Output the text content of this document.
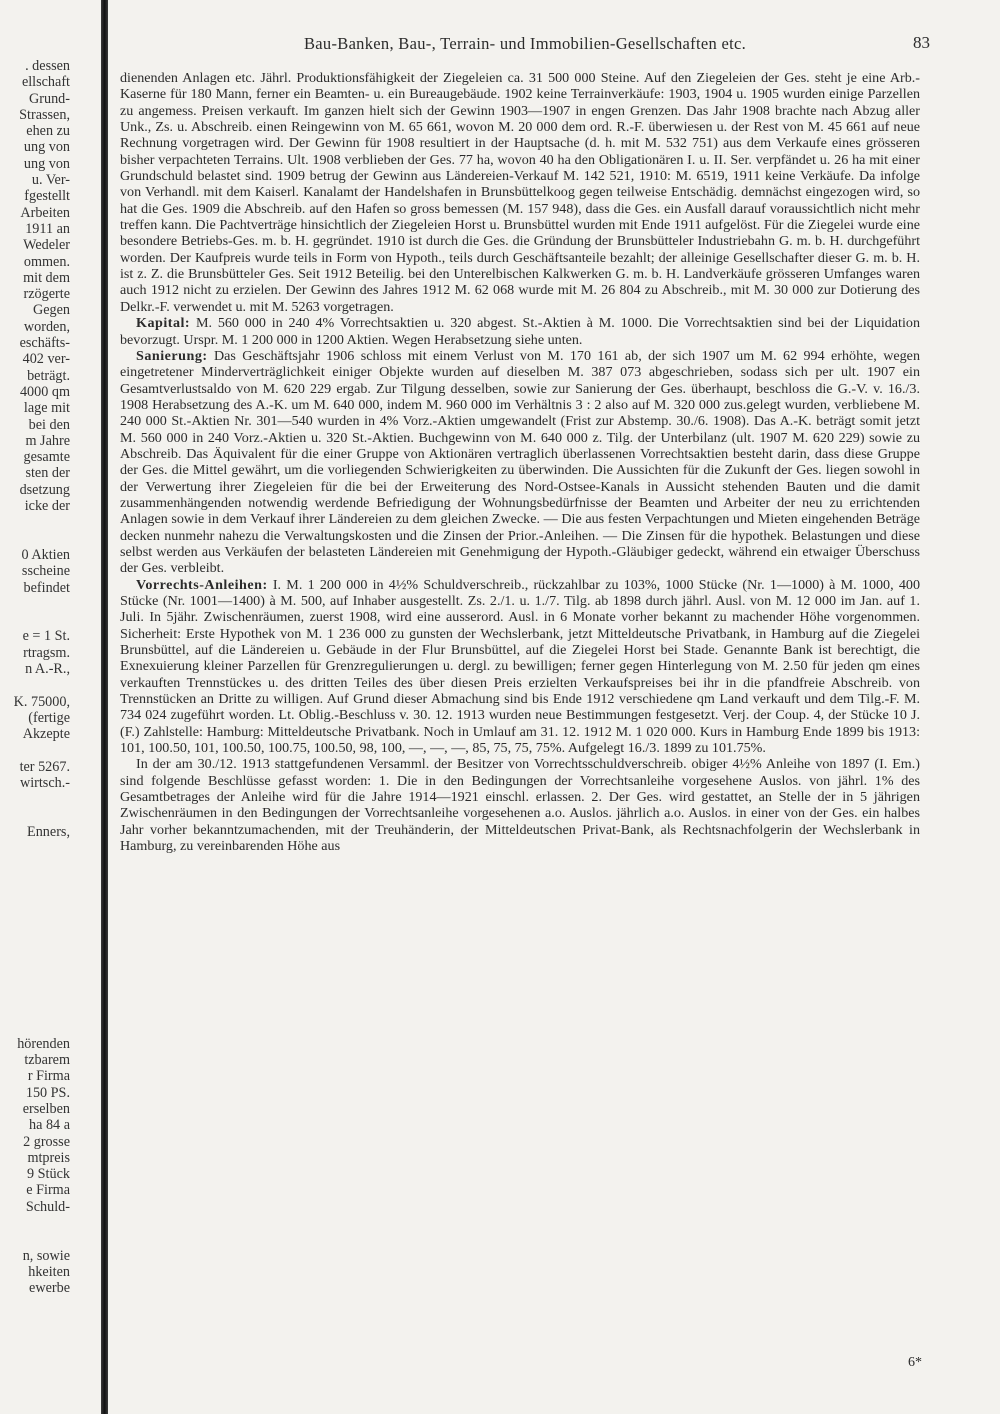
. dessen
ellschaft
Grund-
Strassen,
ehen zu
ung von
ung von
u. Ver-
fgestellt
Arbeiten
1911 an
Wedeler
ommen.
mit dem
rzögerte
Gegen
worden,
eschäfts-
402 ver-
beträgt.
4000 qm
lage mit
bei den
m Jahre
gesamte
sten der
dsetzung
icke der
0 Aktien
sscheine
befindet
e = 1 St.
rtragsm.
n A.-R.,
K. 75000,
(fertige
Akzepte
ter 5267.
wirtsch.-
Enners,
hörenden
tzbarem
r Firma
150 PS.
erselben
ha 84 a
2 grosse
mtpreis
9 Stück
e Firma
Schuld-
n, sowie
hkeiten
ewerbe
Bau-Banken, Bau-, Terrain- und Immobilien-Gesellschaften etc.	83

dienenden Anlagen etc. Jährl. Produktionsfähigkeit der Ziegeleien ca. 31 500 000 Steine. Auf den Ziegeleien der Ges. steht je eine Arb.-Kaserne für 180 Mann, ferner ein Beamten- u. ein Bureaugebäude. 1902 keine Terrainverkäufe: 1903, 1904 u. 1905 wurden einige Parzellen zu angemess. Preisen verkauft. Im ganzen hielt sich der Gewinn 1903—1907 in engen Grenzen. Das Jahr 1908 brachte nach Abzug aller Unk., Zs. u. Abschreib. einen Reingewinn von M. 65 661, wovon M. 20 000 dem ord. R.-F. überwiesen u. der Rest von M. 45 661 auf neue Rechnung vorgetragen wird. Der Gewinn für 1908 resultiert in der Hauptsache (d. h. mit M. 532 751) aus dem Verkaufe eines grösseren bisher verpachteten Terrains. Ult. 1908 verblieben der Ges. 77 ha, wovon 40 ha den Obligationären I. u. II. Ser. verpfändet u. 26 ha mit einer Grundschuld belastet sind. 1909 betrug der Gewinn aus Ländereien-Verkauf M. 142 521, 1910: M. 6519, 1911 keine Verkäufe. Da infolge von Verhandl. mit dem Kaiserl. Kanalamt der Handelshafen in Brunsbüttelkoog gegen teilweise Entschädig. demnächst eingezogen wird, so hat die Ges. 1909 die Abschreib. auf den Hafen so gross bemessen (M. 157 948), dass die Ges. ein Ausfall darauf voraussichtlich nicht mehr treffen kann. Die Pachtverträge hinsichtlich der Ziegeleien Horst u. Brunsbüttel wurden mit Ende 1911 aufgelöst. Für die Ziegelei wurde eine besondere Betriebs-Ges. m. b. H. gegründet. 1910 ist durch die Ges. die Gründung der Brunsbütteler Industriebahn G. m. b. H. durchgeführt worden. Der Kaufpreis wurde teils in Form von Hypoth., teils durch Geschäftsanteile bezahlt; der alleinige Gesellschafter dieser G. m. b. H. ist z. Z. die Brunsbütteler Ges. Seit 1912 Beteilig. bei den Unterelbischen Kalkwerken G. m. b. H. Landverkäufe grösseren Umfanges waren auch 1912 nicht zu erzielen. Der Gewinn des Jahres 1912 M. 62 068 wurde mit M. 26 804 zu Abschreib., mit M. 30 000 zur Dotierung des Delkr.-F. verwendet u. mit M. 5263 vorgetragen.

Kapital: M. 560 000 in 240 4% Vorrechtsaktien u. 320 abgest. St.-Aktien à M. 1000. Die Vorrechtsaktien sind bei der Liquidation bevorzugt. Urspr. M. 1 200 000 in 1200 Aktien. Wegen Herabsetzung siehe unten.

Sanierung: Das Geschäftsjahr 1906 schloss mit einem Verlust von M. 170 161 ab, der sich 1907 um M. 62 994 erhöhte, wegen eingetretener Minderverträglichkeit einiger Objekte wurden auf dieselben M. 387 073 abgeschrieben, sodass sich per ult. 1907 ein Gesamtverlustsaldo von M. 620 229 ergab. Zur Tilgung desselben, sowie zur Sanierung der Ges. überhaupt, beschloss die G.-V. v. 16./3. 1908 Herabsetzung des A.-K. um M. 640 000, indem M. 960 000 im Verhältnis 3 : 2 also auf M. 320 000 zus.gelegt wurden, verbliebene M. 240 000 St.-Aktien Nr. 301—540 wurden in 4% Vorz.-Aktien umgewandelt (Frist zur Abstemp. 30./6. 1908). Das A.-K. beträgt somit jetzt M. 560 000 in 240 Vorz.-Aktien u. 320 St.-Aktien. Buchgewinn von M. 640 000 z. Tilg. der Unterbilanz (ult. 1907 M. 620 229) sowie zu Abschreib. Das Äquivalent für die einer Gruppe von Aktionären vertraglich überlassenen Vorrechtsaktien besteht darin, dass diese Gruppe der Ges. die Mittel gewährt, um die vorliegenden Schwierigkeiten zu überwinden. Die Aussichten für die Zukunft der Ges. liegen sowohl in der Verwertung ihrer Ziegeleien für die bei der Erweiterung des Nord-Ostsee-Kanals in Aussicht stehenden Bauten und die damit zusammenhängenden notwendig werdende Befriedigung der Wohnungsbedürfnisse der Beamten und Arbeiter der neu zu errichtenden Anlagen sowie in dem Verkauf ihrer Ländereien zu dem gleichen Zwecke. — Die aus festen Verpachtungen und Mieten eingehenden Beträge decken nunmehr nahezu die Verwaltungskosten und die Zinsen der Prior.-Anleihen. — Die Zinsen für die hypothek. Belastungen und diese selbst werden aus Verkäufen der belasteten Ländereien mit Genehmigung der Hypoth.-Gläubiger gedeckt, während ein etwaiger Überschuss der Ges. verbleibt.

Vorrechts-Anleihen: I. M. 1 200 000 in 4½% Schuldverschreib., rückzahlbar zu 103%, 1000 Stücke (Nr. 1—1000) à M. 1000, 400 Stücke (Nr. 1001—1400) à M. 500, auf Inhaber ausgestellt. Zs. 2./1. u. 1./7. Tilg. ab 1898 durch jährl. Ausl. von M. 12 000 im Jan. auf 1. Juli. In 5jähr. Zwischenräumen, zuerst 1908, wird eine ausserord. Ausl. in 6 Monate vorher bekannt zu machender Höhe vorgenommen. Sicherheit: Erste Hypothek von M. 1 236 000 zu gunsten der Wechslerbank, jetzt Mitteldeutsche Privatbank, in Hamburg auf die Ziegelei Brunsbüttel, auf die Ländereien u. Gebäude in der Flur Brunsbüttel, auf die Ziegelei Horst bei Stade. Genannte Bank ist berechtigt, die Exnexuierung kleiner Parzellen für Grenzregulierungen u. dergl. zu bewilligen; ferner gegen Hinterlegung von M. 2.50 für jeden qm eines verkauften Trennstückes u. des dritten Teiles des über diesen Preis erzielten Verkaufspreises bei ihr in die pfandfreie Abschreib. von Trennstücken an Dritte zu willigen. Auf Grund dieser Abmachung sind bis Ende 1912 verschiedene qm Land verkauft und dem Tilg.-F. M. 734 024 zugeführt worden. Lt. Oblig.-Beschluss v. 30. 12. 1913 wurden neue Bestimmungen festgesetzt. Verj. der Coup. 4, der Stücke 10 J. (F.) Zahlstelle: Hamburg: Mitteldeutsche Privatbank. Noch in Umlauf am 31. 12. 1912 M. 1 020 000. Kurs in Hamburg Ende 1899 bis 1913: 101, 100.50, 101, 100.50, 100.75, 100.50, 98, 100, —, —, —, 85, 75, 75, 75%. Aufgelegt 16./3. 1899 zu 101.75%.

In der am 30./12. 1913 stattgefundenen Versamml. der Besitzer von Vorrechtsschuldverschreib. obiger 4½% Anleihe von 1897 (I. Em.) sind folgende Beschlüsse gefasst worden: 1. Die in den Bedingungen der Vorrechtsanleihe vorgesehene Auslos. von jährl. 1% des Gesamtbetrages der Anleihe wird für die Jahre 1914—1921 einschl. erlassen. 2. Der Ges. wird gestattet, an Stelle der in 5 jährigen Zwischenräumen in den Bedingungen der Vorrechtsanleihe vorgesehenen a.o. Auslos. jährlich a.o. Auslos. in einer von der Ges. ein halbes Jahr vorher bekanntzumachenden, mit der Treuhänderin, der Mitteldeutschen Privat-Bank, als Rechtsnachfolgerin der Wechslerbank in Hamburg, zu vereinbarenden Höhe aus

6*
